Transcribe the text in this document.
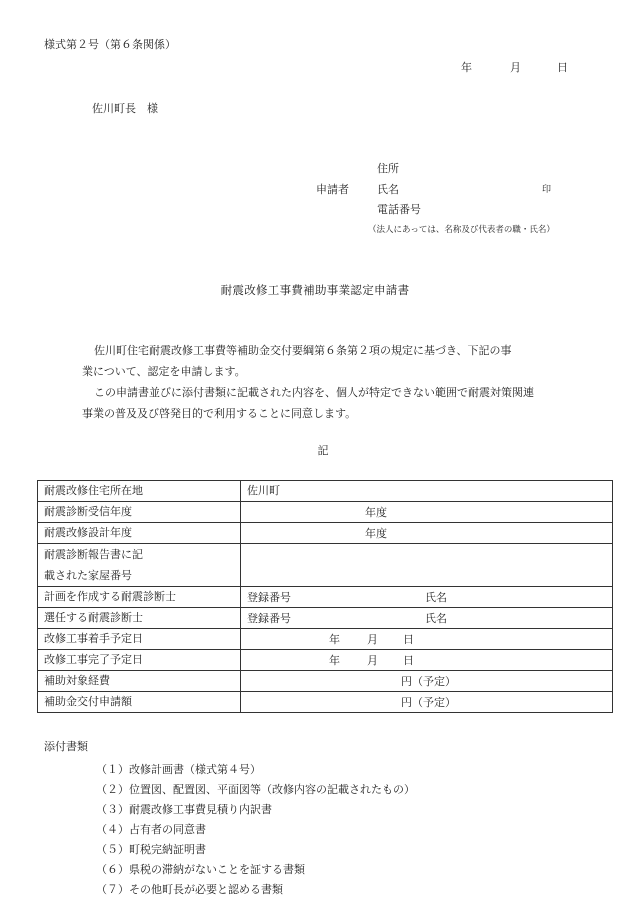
様式第２号（第６条関係）
年	月	日
佐川町長　様
住所
申請者	氏名	印
電話番号
（法人にあっては、名称及び代表者の職・氏名）
耐震改修工事費補助事業認定申請書
佐川町住宅耐震改修工事費等補助金交付要綱第６条第２項の規定に基づき、下記の事
業について、認定を申請します。
この申請書並びに添付書類に記載された内容を、個人が特定できない範囲で耐震対策関連
事業の普及及び啓発目的で利用することに同意します。
記
耐震改修住宅所在地	佐川町
耐震診断受信年度	年度

耐震改修設計年度	年度

耐震診断報告書に記
載された家屋番号	

計画を作成する耐震診断士	登録番号 氏名

選任する耐震診断士	登録番号 氏名

改修工事着手予定日	年 月 日

改修工事完了予定日	年 月 日

補助対象経費	円（予定）

補助金交付申請額	円（予定）
添付書類
（１）改修計画書（様式第４号）
（２）位置図、配置図、平面図等（改修内容の記載されたもの）
（３）耐震改修工事費見積り内訳書
（４）占有者の同意書
（５）町税完納証明書
（６）県税の滞納がないことを証する書類
（７）その他町長が必要と認める書類
